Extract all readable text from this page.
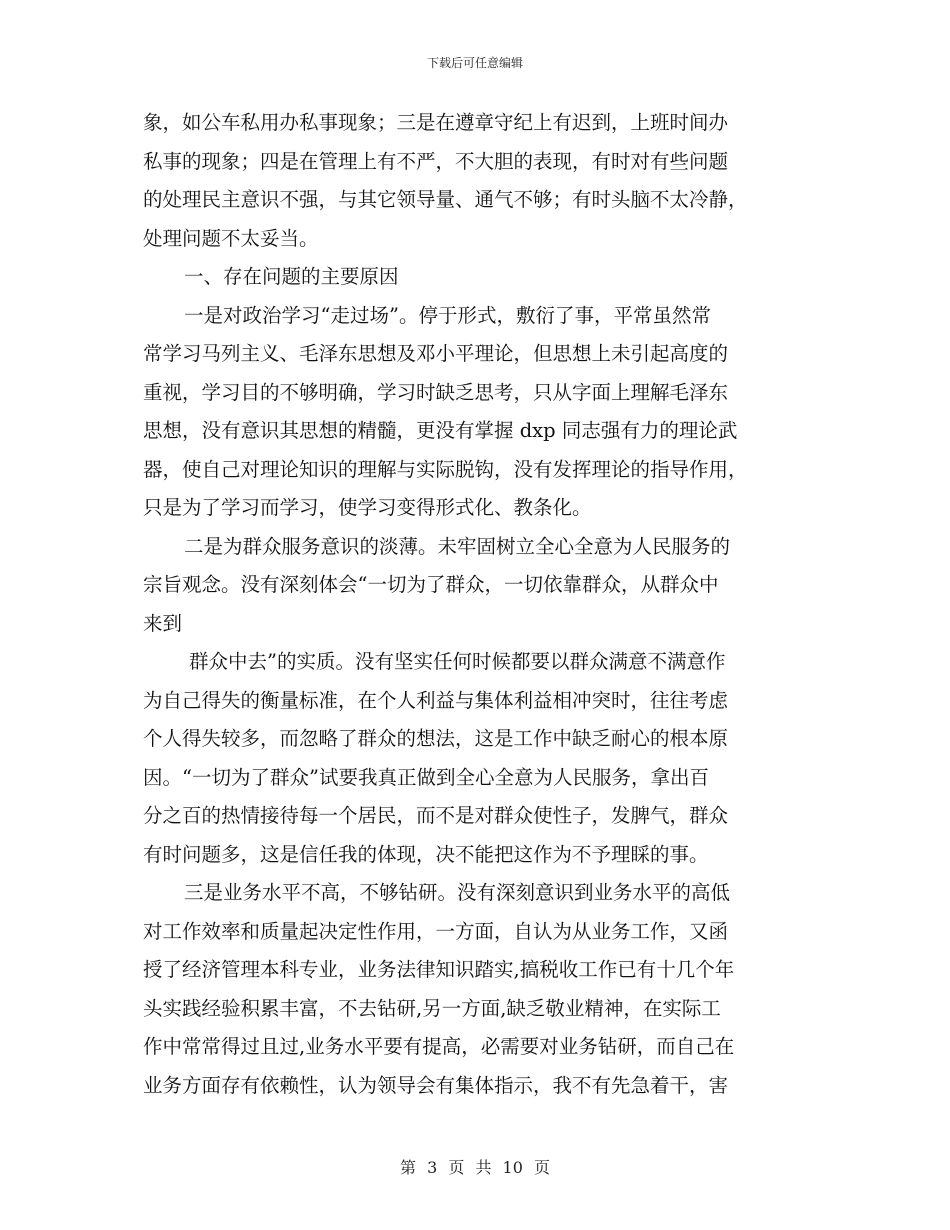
下载后可任意编辑
象，如公车私用办私事现象；三是在遵章守纪上有迟到，上班时间办
私事的现象；四是在管理上有不严，不大胆的表现，有时对有些问题
的处理民主意识不强，与其它领导量、通气不够；有时头脑不太冷静，
处理问题不太妥当。
一、存在问题的主要原因
一是对政治学习“走过场”。停于形式，敷衍了事，平常虽然常
常学习马列主义、毛泽东思想及邓小平理论，但思想上未引起高度的
重视，学习目的不够明确，学习时缺乏思考，只从字面上理解毛泽东
思想，没有意识其思想的精髓，更没有掌握 dxp 同志强有力的理论武
器，使自己对理论知识的理解与实际脱钩，没有发挥理论的指导作用，
只是为了学习而学习，使学习变得形式化、教条化。
二是为群众服务意识的淡薄。未牢固树立全心全意为人民服务的
宗旨观念。没有深刻体会“一切为了群众，一切依靠群众，从群众中
来到
群众中去”的实质。没有坚实任何时候都要以群众满意不满意作
为自己得失的衡量标准，在个人利益与集体利益相冲突时，往往考虑
个人得失较多，而忽略了群众的想法，这是工作中缺乏耐心的根本原
因。“一切为了群众”试要我真正做到全心全意为人民服务，拿出百
分之百的热情接待每一个居民，而不是对群众使性子，发脾气，群众
有时问题多，这是信任我的体现，决不能把这作为不予理睬的事。
三是业务水平不高，不够钻研。没有深刻意识到业务水平的高低
对工作效率和质量起决定性作用，一方面，自认为从业务工作，又函
授了经济管理本科专业，业务法律知识踏实,搞税收工作已有十几个年
头实践经验积累丰富，不去钻研,另一方面,缺乏敬业精神，在实际工
作中常常得过且过,业务水平要有提高，必需要对业务钻研，而自己在
业务方面存有依赖性，认为领导会有集体指示，我不有先急着干，害
第 3 页 共 10 页
